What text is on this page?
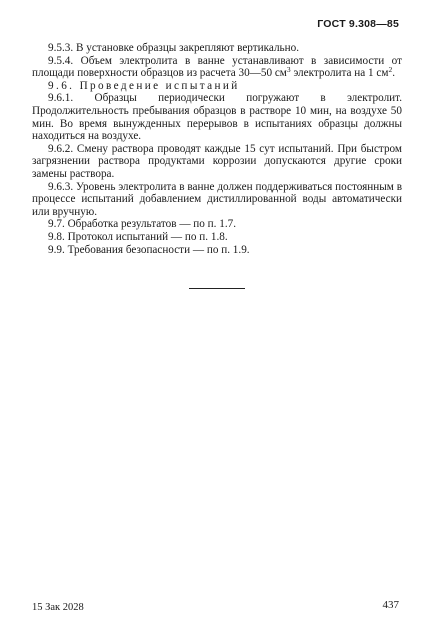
ГОСТ 9.308—85

9.5.3. В установке образцы закрепляют вертикально.

9.5.4. Объем электролита в ванне устанавливают в зависимости от площади поверхности образцов из расчета 30—50 $см^3$ электролита на 1 $см^2$.

9.6. Проведение испытаний

9.6.1. Образцы периодически погружают в электролит. Продолжительность пребывания образцов в растворе 10 мин, на воздухе 50 мин. Во время вынужденных перерывов в испытаниях образцы должны находиться на воздухе.

9.6.2. Смену раствора проводят каждые 15 сут испытаний. При быстром загрязнении раствора продуктами коррозии допускаются другие сроки замены раствора.

9.6.3. Уровень электролита в ванне должен поддерживаться постоянным в процессе испытаний добавлением дистиллированной воды автоматически или вручную.

9.7. Обработка результатов — по п. 1.7.

9.8. Протокол испытаний — по п. 1.8.

9.9. Требования безопасности — по п. 1.9.

15 Зак 2028	437
